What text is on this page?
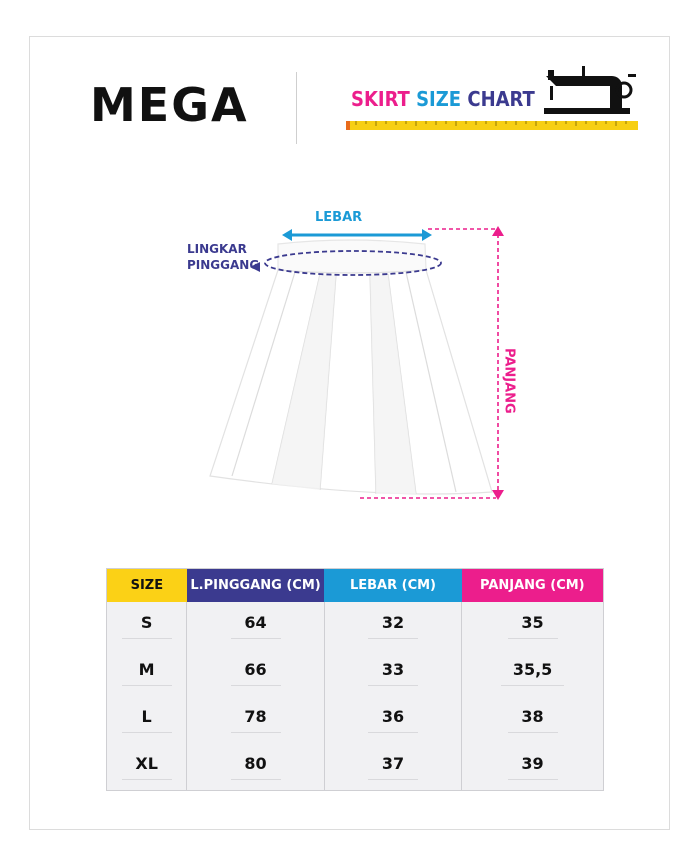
MEGA	SKIRT SIZE CHART
LEBAR
LINGKAR
PINGGANG
PANJANG
SIZE	L.PINGGANG (CM)	LEBAR (CM)	PANJANG (CM)
S	64	32	35
M	66	33	35,5
L	78	36	38
XL	80	37	39
